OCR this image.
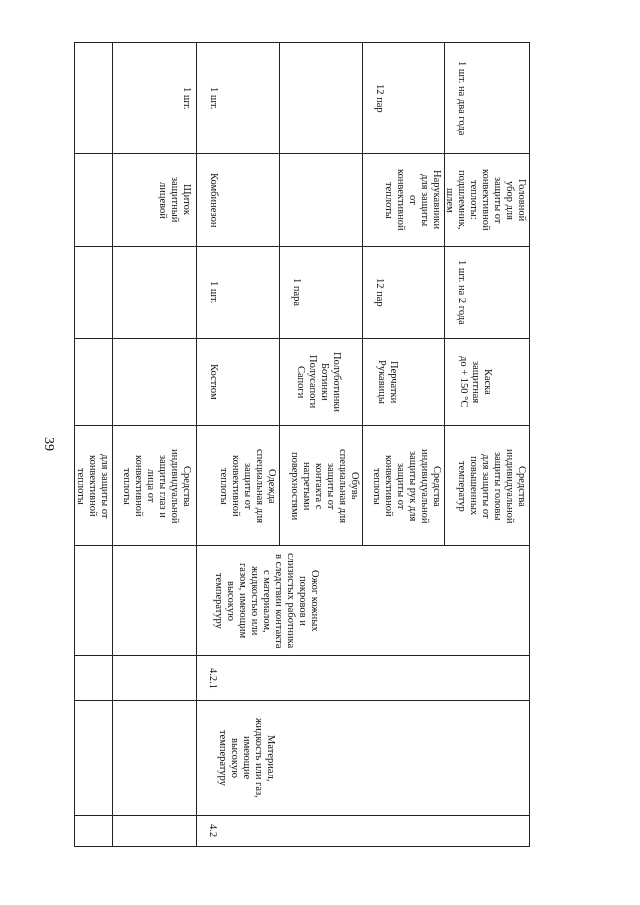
39
для защиты от
конвективной
теплоты	Средства
индивидуальной
защиты глаз и
лица от
конвективной
теплоты
Щиток
защитный
лицевой
1 шт.
4.2
Материал,
жидкость или газ,
имеющие
высокую
температуру
4.2.1
Ожог кожных
покровов и
слизистых работника
в следствии контакта
с материалом,
жидкостью или
газом, имеющим
высокую
температуру
Одежда
специальная для
защиты от
конвективной
теплоты
Костюм
1 шт.
Комбинезон
1 шт.
Обувь
специальная для
защиты от
контакта с
нагретыми
поверхностями
Полуботинки
Ботинки
Полусапоги
Сапоги
1 пара
Средства
индивидуальной
защиты рук для
защиты от
конвективной
теплоты
Перчатки
Рукавицы
12 пар
Нарукавники
для защиты
от
конвективной
теплоты
12 пар
Средства
индивидуальной
защиты головы
для защиты от
повышенных
температур
Каска
защитная
до + 150 °С
1 шт. на 2 года
Головной
убор для
защиты от
конвективной
теплоты:
подшлемник,
шлем
1 шт. на два года
